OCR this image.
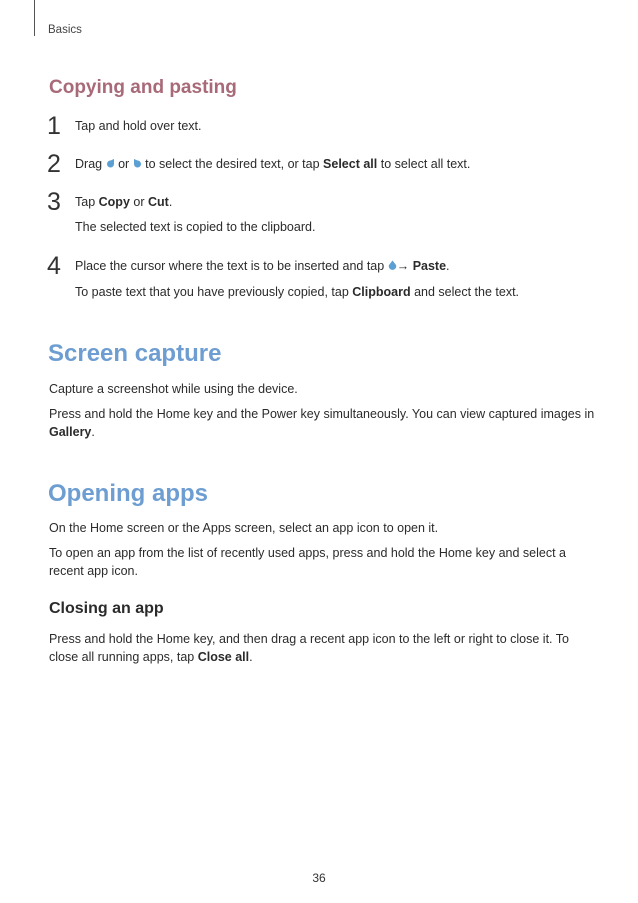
Basics
Copying and pasting
1 Tap and hold over text.
2 Drag or to select the desired text, or tap Select all to select all text.
3 Tap Copy or Cut.
The selected text is copied to the clipboard.
4 Place the cursor where the text is to be inserted and tap → Paste.
To paste text that you have previously copied, tap Clipboard and select the text.
Screen capture
Capture a screenshot while using the device.
Press and hold the Home key and the Power key simultaneously. You can view captured images in Gallery.
Opening apps
On the Home screen or the Apps screen, select an app icon to open it.
To open an app from the list of recently used apps, press and hold the Home key and select a recent app icon.
Closing an app
Press and hold the Home key, and then drag a recent app icon to the left or right to close it. To close all running apps, tap Close all.
36
